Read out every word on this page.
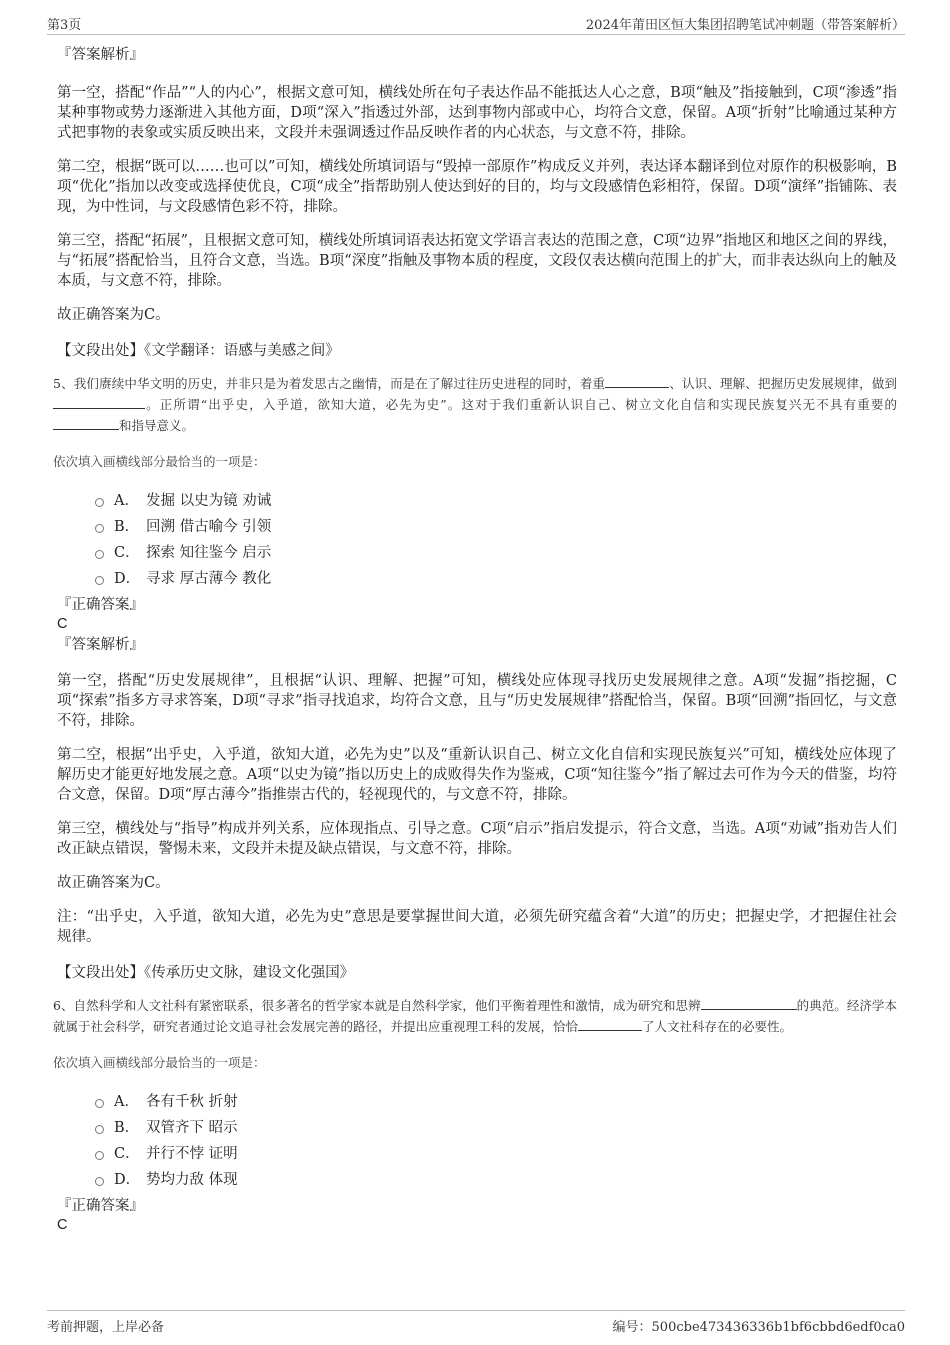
第3页	2024年莆田区恒大集团招聘笔试冲刺题（带答案解析）

『答案解析』

第一空，搭配“作品”“人的内心”，根据文意可知，横线处所在句子表达作品不能抵达人心之意，B项“触及”指接触到，C项“渗透”指某种事物或势力逐渐进入其他方面，D项“深入”指透过外部，达到事物内部或中心，均符合文意，保留。A项“折射”比喻通过某种方式把事物的表象或实质反映出来，文段并未强调透过作品反映作者的内心状态，与文意不符，排除。

第二空，根据“既可以……也可以”可知，横线处所填词语与“毁掉一部原作”构成反义并列，表达译本翻译到位对原作的积极影响，B项“优化”指加以改变或选择使优良，C项“成全”指帮助别人使达到好的目的，均与文段感情色彩相符，保留。D项“演绎”指铺陈、表现，为中性词，与文段感情色彩不符，排除。

第三空，搭配“拓展”，且根据文意可知，横线处所填词语表达拓宽文学语言表达的范围之意，C项“边界”指地区和地区之间的界线，与“拓展”搭配恰当，且符合文意，当选。B项“深度”指触及事物本质的程度，文段仅表达横向范围上的扩大，而非表达纵向上的触及本质，与文意不符，排除。

故正确答案为C。

【文段出处】《文学翻译：语感与美感之间》

5、我们赓续中华文明的历史，并非只是为着发思古之幽情，而是在了解过往历史进程的同时，着重	、认识、理解、把握历史发展规律，做到。正所谓“出乎史，入乎道，欲知大道，必先为史”。这对于我们重新认识自己、树立文化自信和实现民族复兴无不具有重要的和指导意义。

依次填入画横线部分最恰当的一项是：

A． 发掘 以史为镜 劝诫
B． 回溯 借古喻今 引领
C． 探索 知往鉴今 启示
D． 寻求 厚古薄今 教化

『正确答案』

C

『答案解析』

第一空，搭配“历史发展规律”，且根据“认识、理解、把握”可知，横线处应体现寻找历史发展规律之意。A项“发掘”指挖掘，C项“探索”指多方寻求答案，D项“寻求”指寻找追求，均符合文意，且与“历史发展规律”搭配恰当，保留。B项“回溯”指回忆，与文意不符，排除。

第二空，根据“出乎史，入乎道，欲知大道，必先为史”以及“重新认识自己、树立文化自信和实现民族复兴”可知，横线处应体现了解历史才能更好地发展之意。A项“以史为镜”指以历史上的成败得失作为鉴戒，C项“知往鉴今”指了解过去可作为今天的借鉴，均符合文意，保留。D项“厚古薄今”指推崇古代的，轻视现代的，与文意不符，排除。

第三空，横线处与“指导”构成并列关系，应体现指点、引导之意。C项“启示”指启发提示，符合文意，当选。A项“劝诫”指劝告人们改正缺点错误，警惕未来，文段并未提及缺点错误，与文意不符，排除。

故正确答案为C。

注：“出乎史，入乎道，欲知大道，必先为史”意思是要掌握世间大道，必须先研究蕴含着“大道”的历史；把握史学，才把握住社会规律。

【文段出处】《传承历史文脉，建设文化强国》

6、自然科学和人文社科有紧密联系，很多著名的哲学家本就是自然科学家，他们平衡着理性和激情，成为研究和思辨	的典范。经济学本就属于社会科学，研究者通过论文追寻社会发展完善的路径，并提出应重视理工科的发展，恰恰	了人文社科存在的必要性。

依次填入画横线部分最恰当的一项是：

A． 各有千秋 折射
B． 双管齐下 昭示
C． 并行不悖 证明
D． 势均力敌 体现

『正确答案』

C

考前押题，上岸必备	编号：500cbe473436336b1bf6cbbd6edf0ca0
